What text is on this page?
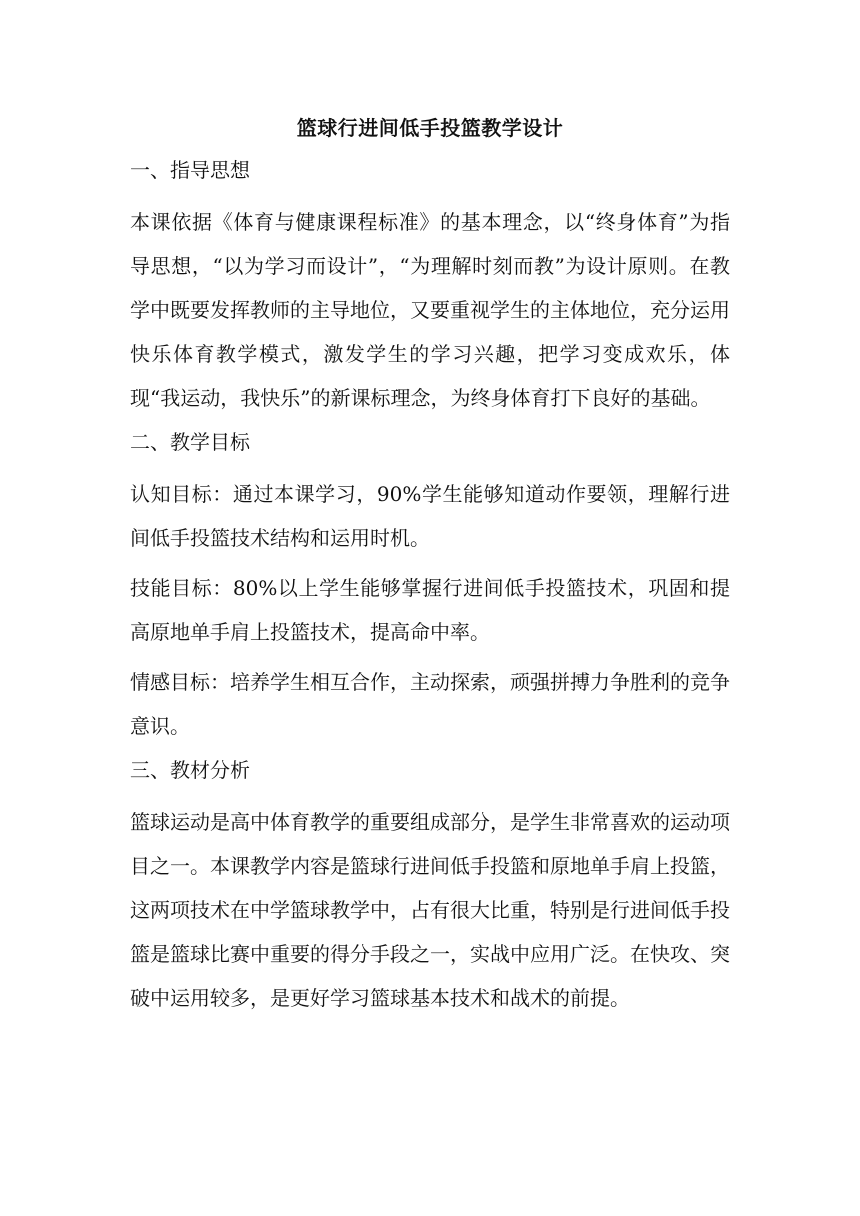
篮球行进间低手投篮教学设计
一、指导思想
本课依据《体育与健康课程标准》的基本理念，以“终身体育”为指导思想，“以为学习而设计”，“为理解时刻而教”为设计原则。在教学中既要发挥教师的主导地位，又要重视学生的主体地位，充分运用快乐体育教学模式，激发学生的学习兴趣，把学习变成欢乐，体现“我运动，我快乐”的新课标理念，为终身体育打下良好的基础。
二、教学目标
认知目标：通过本课学习，90%学生能够知道动作要领，理解行进间低手投篮技术结构和运用时机。
技能目标：80%以上学生能够掌握行进间低手投篮技术，巩固和提高原地单手肩上投篮技术，提高命中率。
情感目标：培养学生相互合作，主动探索，顽强拼搏力争胜利的竞争意识。
三、教材分析
篮球运动是高中体育教学的重要组成部分，是学生非常喜欢的运动项目之一。本课教学内容是篮球行进间低手投篮和原地单手肩上投篮，这两项技术在中学篮球教学中，占有很大比重，特别是行进间低手投篮是篮球比赛中重要的得分手段之一，实战中应用广泛。在快攻、突破中运用较多，是更好学习篮球基本技术和战术的前提。
